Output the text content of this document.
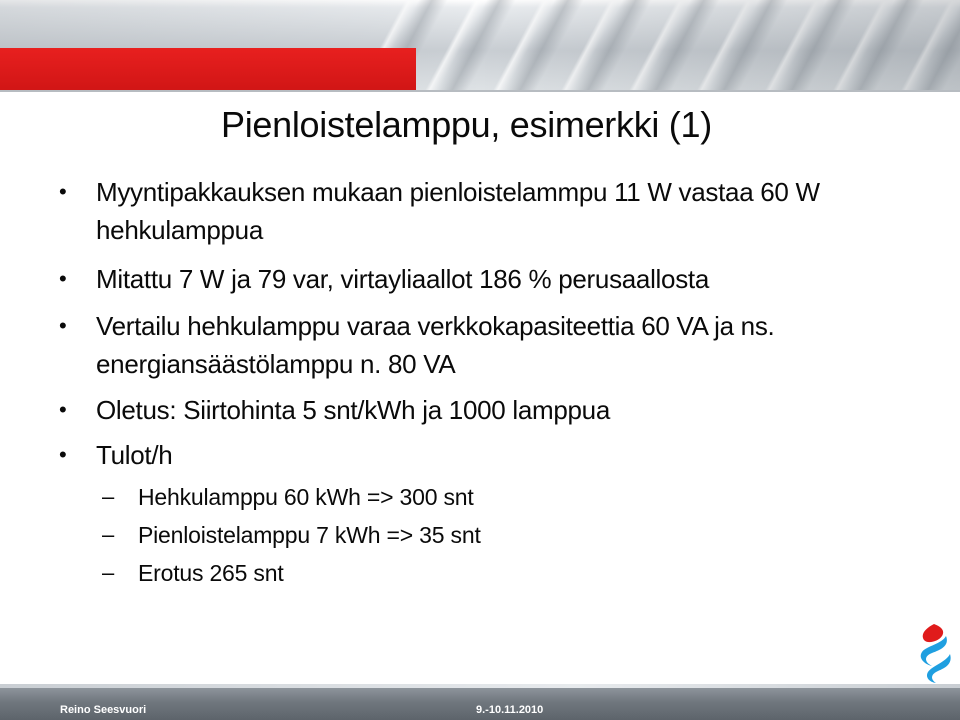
Pienloistelamppu, esimerkki (1)
• Myyntipakkauksen mukaan pienloistelammpu 11 W vastaa 60 W hehkulamppua
• Mitattu 7 W ja 79 var, virtayliaallot 186 % perusaallosta
• Vertailu hehkulamppu varaa verkkokapasiteettia 60 VA ja ns. energiansäästölamppu n. 80 VA
• Oletus: Siirtohinta 5 snt/kWh ja 1000 lamppua
• Tulot/h
– Hehkulamppu 60 kWh => 300 snt
– Pienloistelamppu 7 kWh => 35 snt
– Erotus 265 snt
Reino Seesvuori	9.-10.11.2010
